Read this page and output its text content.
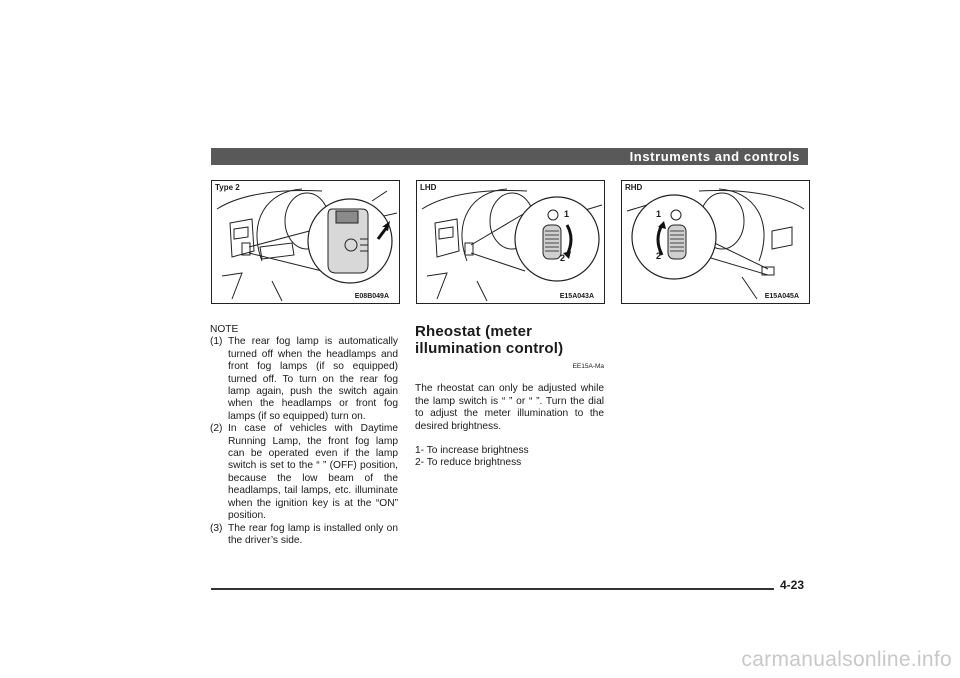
Instruments and controls
Type 2
E08B049A
LHD
1
2
E15A043A
RHD
1
2
E15A045A
NOTE
(1) The rear fog lamp is automatically turned off when the headlamps and front fog lamps (if so equipped) turned off. To turn on the rear fog lamp again, push the switch again when the headlamps or front fog lamps (if so equipped) turn on.
(2) In case of vehicles with Daytime Running Lamp, the front fog lamp can be operated even if the lamp switch is set to the “ ” (OFF) position, because the low beam of the headlamps, tail lamps, etc. illuminate when the ignition key is at the “ON” position.
(3) The rear fog lamp is installed only on the driver’s side.
Rheostat (meter illumination control)
EE15A-Ma
The rheostat can only be adjusted while the lamp switch is “ ” or “ ”. Turn the dial to adjust the meter illumination to the desired brightness.
1- To increase brightness
2- To reduce brightness
4-23
carmanualsonline.info
